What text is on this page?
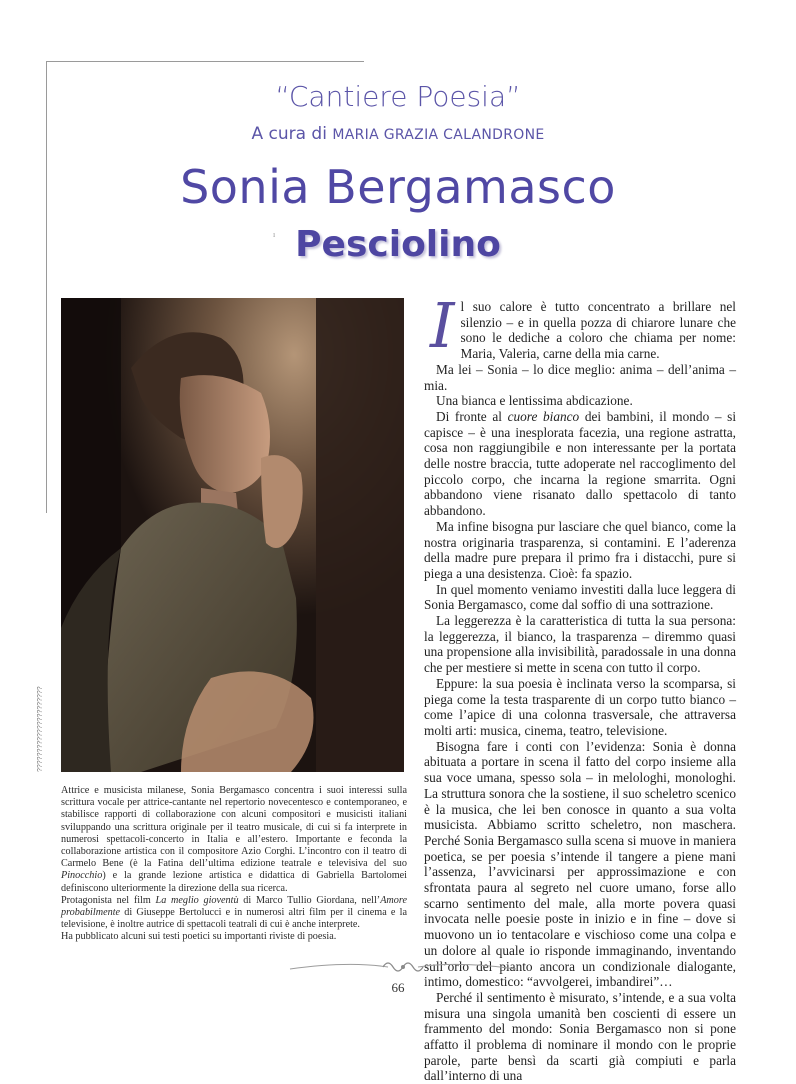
??????????????????????
“Cantiere Poesia”
A cura di MARIA GRAZIA CALANDRONE
Sonia Bergamasco
ı Pesciolino

Attrice e musicista milanese, Sonia Bergamasco concentra i suoi interessi sulla scrittura vocale per attrice-cantante nel repertorio novecentesco e contemporaneo, e stabilisce rapporti di collaborazione con alcuni compositori e musicisti italiani sviluppando una scrittura originale per il teatro musicale, di cui si fa interprete in numerosi spettacoli-concerto in Italia e all’estero. Importante e feconda la collaborazione artistica con il compositore Azio Corghi. L’incontro con il teatro di Carmelo Bene (è la Fatina dell’ultima edizione teatrale e televisiva del suo Pinocchio) e la grande lezione artistica e didattica di Gabriella Bartolomei definiscono ulteriormente la direzione della sua ricerca.

Protagonista nel film La meglio gioventù di Marco Tullio Giordana, nell’Amore probabilmente di Giuseppe Bertolucci e in numerosi altri film per il cinema e la televisione, è inoltre autrice di spettacoli teatrali di cui è anche interprete.

Ha pubblicato alcuni sui testi poetici su importanti riviste di poesia.

Il suo calore è tutto concentrato a brillare nel silenzio – e in quella pozza di chiarore lunare che sono le dediche a coloro che chiama per nome: Maria, Valeria, carne della mia carne.

Ma lei – Sonia – lo dice meglio: anima – dell’anima – mia.

Una bianca e lentissima abdicazione.

Di fronte al cuore bianco dei bambini, il mondo – si capisce – è una inesplorata facezia, una regione astratta, cosa non raggiungibile e non interessante per la portata delle nostre braccia, tutte adoperate nel raccoglimento del piccolo corpo, che incarna la regione smarrita. Ogni abbandono viene risanato dallo spettacolo di tanto abbandono.

Ma infine bisogna pur lasciare che quel bianco, come la nostra originaria trasparenza, si contamini. E l’aderenza della madre pure prepara il primo fra i distacchi, pure si piega a una desistenza. Cioè: fa spazio.

In quel momento veniamo investiti dalla luce leggera di Sonia Bergamasco, come dal soffio di una sottrazione.

La leggerezza è la caratteristica di tutta la sua persona: la leggerezza, il bianco, la trasparenza – diremmo quasi una propensione alla invisibilità, paradossale in una donna che per mestiere si mette in scena con tutto il corpo.

Eppure: la sua poesia è inclinata verso la scomparsa, si piega come la testa trasparente di un corpo tutto bianco – come l’apice di una colonna trasversale, che attraversa molti arti: musica, cinema, teatro, televisione.

Bisogna fare i conti con l’evidenza: Sonia è donna abituata a portare in scena il fatto del corpo insieme alla sua voce umana, spesso sola – in melologhi, monologhi. La struttura sonora che la sostiene, il suo scheletro scenico è la musica, che lei ben conosce in quanto a sua volta musicista. Abbiamo scritto scheletro, non maschera. Perché Sonia Bergamasco sulla scena si muove in maniera poetica, se per poesia s’intende il tangere a piene mani l’assenza, l’avvicinarsi per approssimazione e con sfrontata paura al segreto nel cuore umano, forse allo scarno sentimento del male, alla morte povera quasi invocata nelle poesie poste in inizio e in fine – dove si muovono un io tentacolare e vischioso come una colpa e un dolore al quale io risponde immaginando, inventando sull’orlo del pianto ancora un condizionale dialogante, intimo, domestico: “avvolgerei, imbandirei”…

Perché il sentimento è misurato, s’intende, e a sua volta misura una singola umanità ben coscienti di essere un frammento del mondo: Sonia Bergamasco non si pone affatto il problema di nominare il mondo con le proprie parole, parte bensì da scarti già compiuti e parla dall’interno di una

66
